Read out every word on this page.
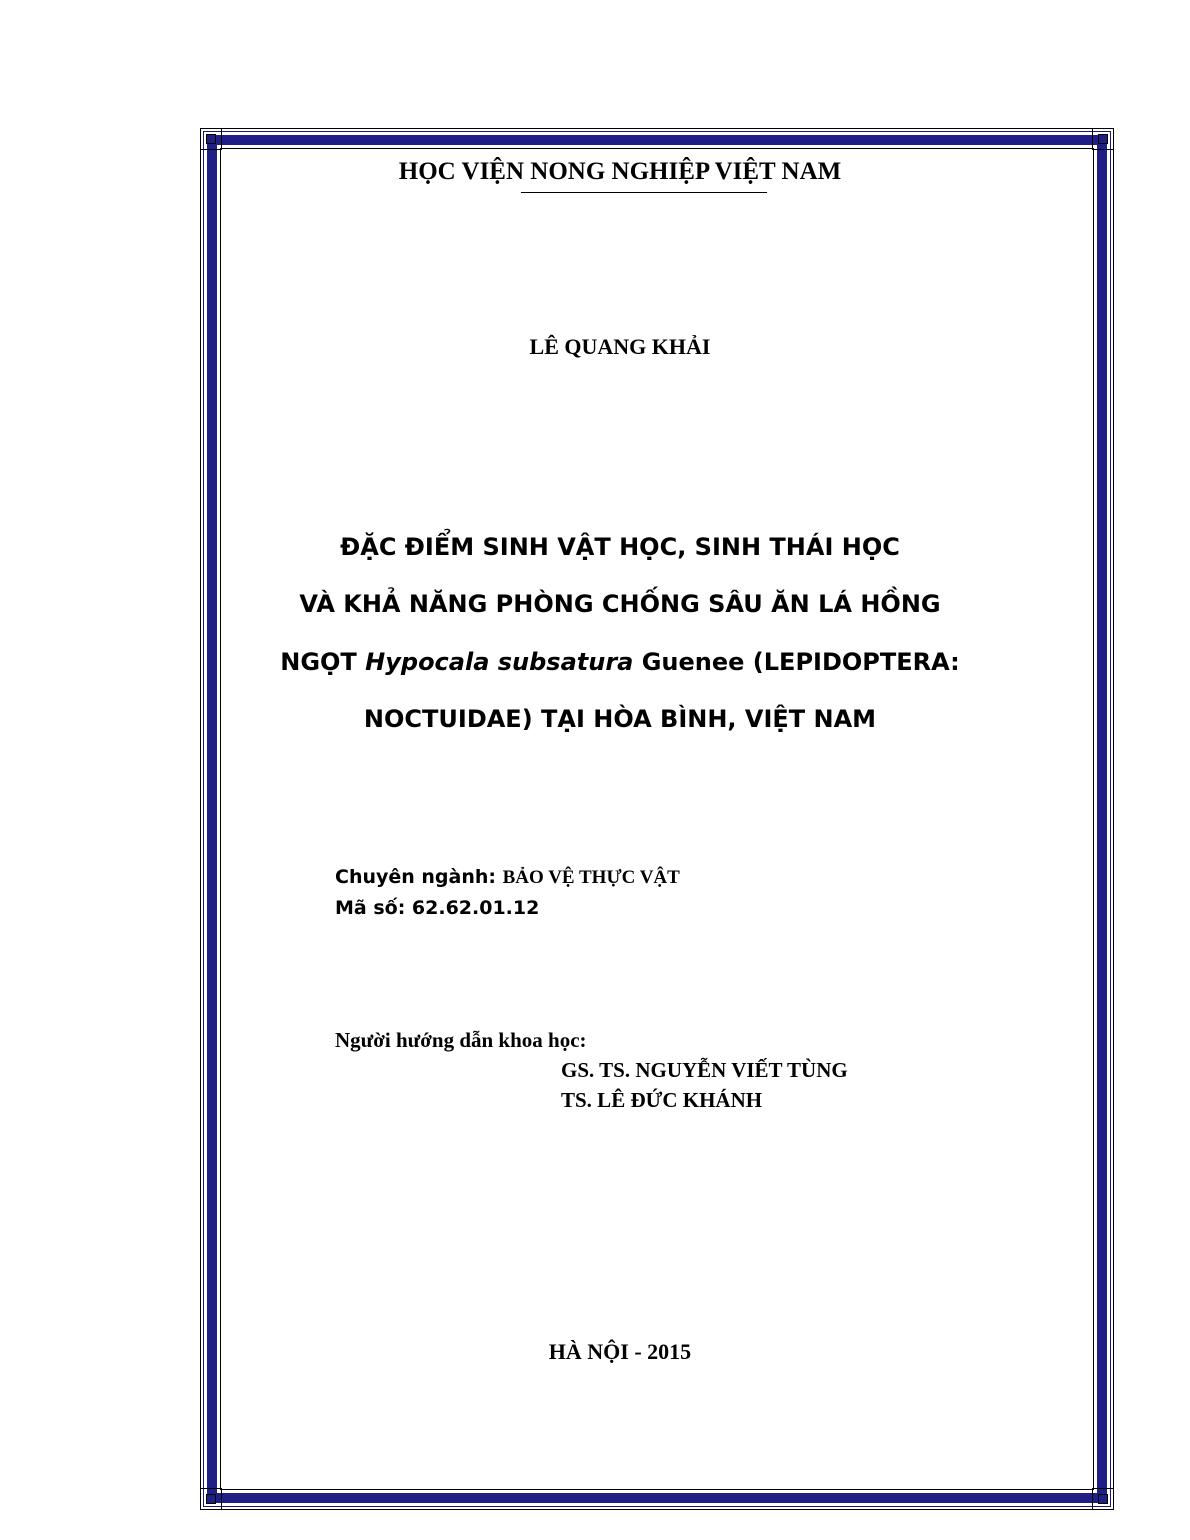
HỌC VIỆN NONG NGHIỆP VIỆT NAM
LÊ QUANG KHẢI
ĐẶC ĐIỂM SINH VẬT HỌC, SINH THÁI HỌC
VÀ KHẢ NĂNG PHÒNG CHỐNG SÂU ĂN LÁ HỒNG
NGỌT Hypocala subsatura Guenee (LEPIDOPTERA:
NOCTUIDAE) TẠI HÒA BÌNH, VIỆT NAM
Chuyên ngành: BẢO VỆ THỰC VẬT
Mã số: 62.62.01.12
Người hướng dẫn khoa học:
GS. TS. NGUYỄN VIẾT TÙNG
TS. LÊ ĐỨC KHÁNH
HÀ NỘI - 2015
